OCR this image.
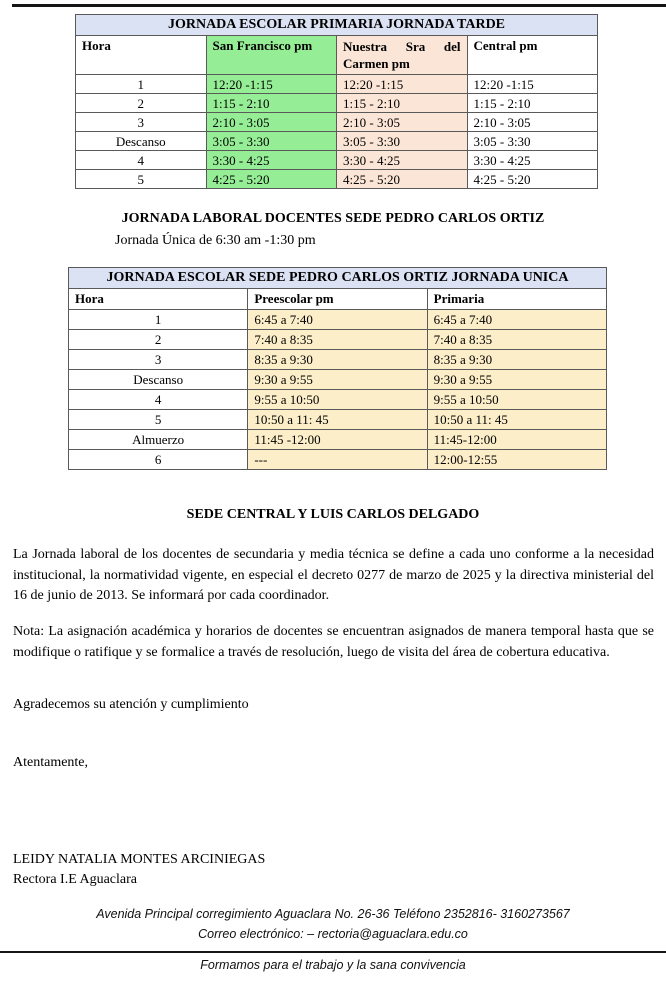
JORNADA ESCOLAR PRIMARIA JORNADA TARDE			

Hora	San Francisco pm	Nuestra Sra del Carmen pm	Central pm
1	12:20 -1:15	12:20 -1:15	12:20 -1:15
2	1:15 - 2:10	1:15 - 2:10	1:15 - 2:10
3	2:10 - 3:05	2:10 - 3:05	2:10 - 3:05
Descanso	3:05 - 3:30	3:05 - 3:30	3:05 - 3:30
4	3:30 - 4:25	3:30 - 4:25	3:30 - 4:25
5	4:25 - 5:20	4:25 - 5:20	4:25 - 5:20
JORNADA LABORAL DOCENTES SEDE PEDRO CARLOS ORTIZ
Jornada Única de 6:30 am -1:30 pm
JORNADA ESCOLAR SEDE PEDRO CARLOS ORTIZ JORNADA UNICA		

Hora	Preescolar pm	Primaria
1	6:45 a 7:40	6:45 a 7:40
2	7:40 a 8:35	7:40 a 8:35
3	8:35 a 9:30	8:35 a 9:30
Descanso	9:30 a 9:55	9:30 a 9:55
4	9:55 a 10:50	9:55 a 10:50
5	10:50 a 11: 45	10:50 a 11: 45
Almuerzo	11:45 -12:00	11:45-12:00
6	---	12:00-12:55
SEDE CENTRAL Y LUIS CARLOS DELGADO

La Jornada laboral de los docentes de secundaria y media técnica se define a cada uno conforme a la necesidad institucional, la normatividad vigente, en especial el decreto 0277 de marzo de 2025 y la directiva ministerial del 16 de junio de 2013. Se informará por cada coordinador.

Nota: La asignación académica y horarios de docentes se encuentran asignados de manera temporal hasta que se modifique o ratifique y se formalice a través de resolución, luego de visita del área de cobertura educativa.

Agradecemos su atención y cumplimiento

Atentamente,
LEIDY NATALIA MONTES ARCINIEGAS
Rectora I.E Aguaclara
Avenida Principal corregimiento Aguaclara No. 26-36 Teléfono 2352816- 3160273567
Correo electrónico: – rectoria@aguaclara.edu.co
Formamos para el trabajo y la sana convivencia
